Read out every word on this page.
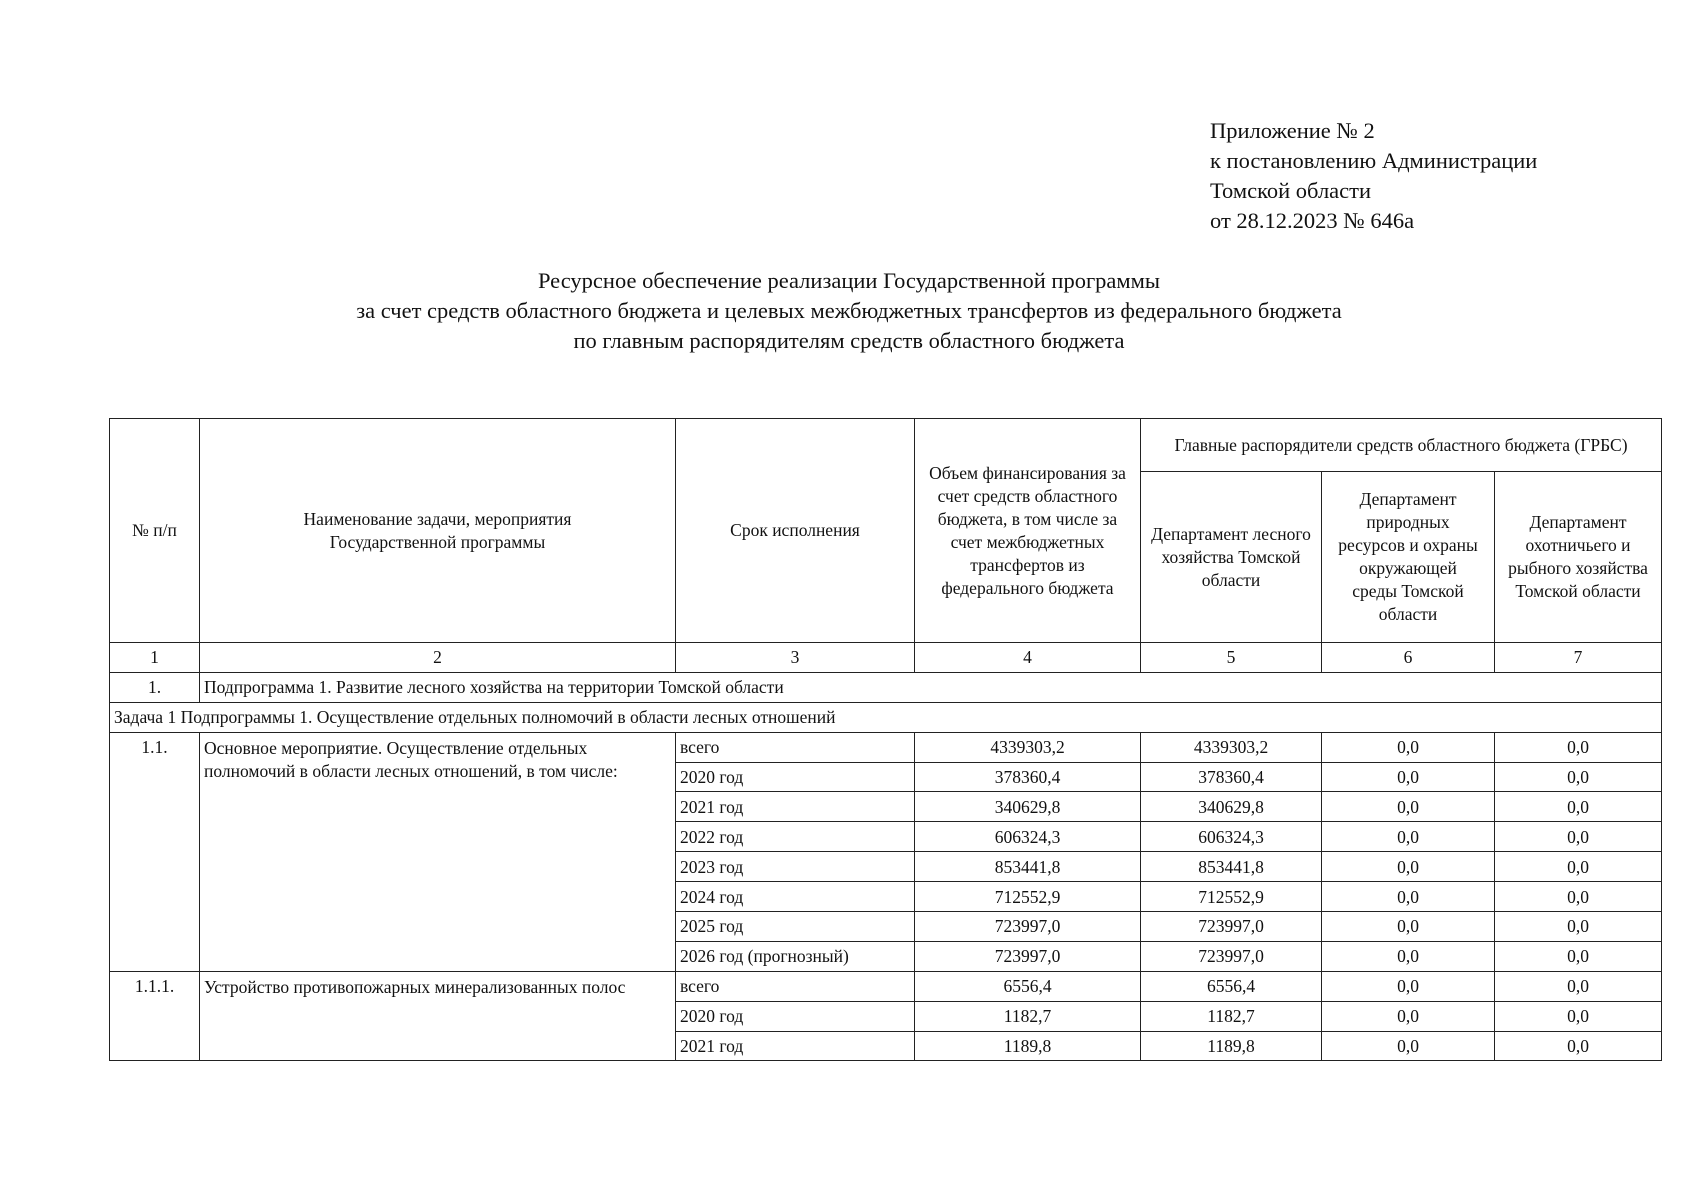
Приложение № 2
к постановлению Администрации
Томской области
от 28.12.2023 № 646а
Ресурсное обеспечение реализации Государственной программы
за счет средств областного бюджета и целевых межбюджетных трансфертов из федерального бюджета
по главным распорядителям средств областного бюджета
№ п/п	Наименование задачи, мероприятия Государственной программы	Срок исполнения	Объем финансирования за счет средств областного бюджета, в том числе за счет межбюджетных трансфертов из федерального бюджета	Главные распорядители средств областного бюджета (ГРБС)		
				Департамент лесного хозяйства Томской области	Департамент природных ресурсов и охраны окружающей среды Томской области	Департамент охотничьего и рыбного хозяйства Томской области
1	2	3	4	5	6	7
1.	Подпрограмма 1. Развитие лесного хозяйства на территории Томской области					
Задача 1 Подпрограммы 1. Осуществление отдельных полномочий в области лесных отношений						
1.1.	Основное мероприятие. Осуществление отдельных полномочий в области лесных отношений, в том числе:	всего	4339303,2	4339303,2	0,0	0,0
		2020 год	378360,4	378360,4	0,0	0,0
		2021 год	340629,8	340629,8	0,0	0,0
		2022 год	606324,3	606324,3	0,0	0,0
		2023 год	853441,8	853441,8	0,0	0,0
		2024 год	712552,9	712552,9	0,0	0,0
		2025 год	723997,0	723997,0	0,0	0,0
		2026 год (прогнозный)	723997,0	723997,0	0,0	0,0
1.1.1.	Устройство противопожарных минерализованных полос	всего	6556,4	6556,4	0,0	0,0
		2020 год	1182,7	1182,7	0,0	0,0
		2021 год	1189,8	1189,8	0,0	0,0
